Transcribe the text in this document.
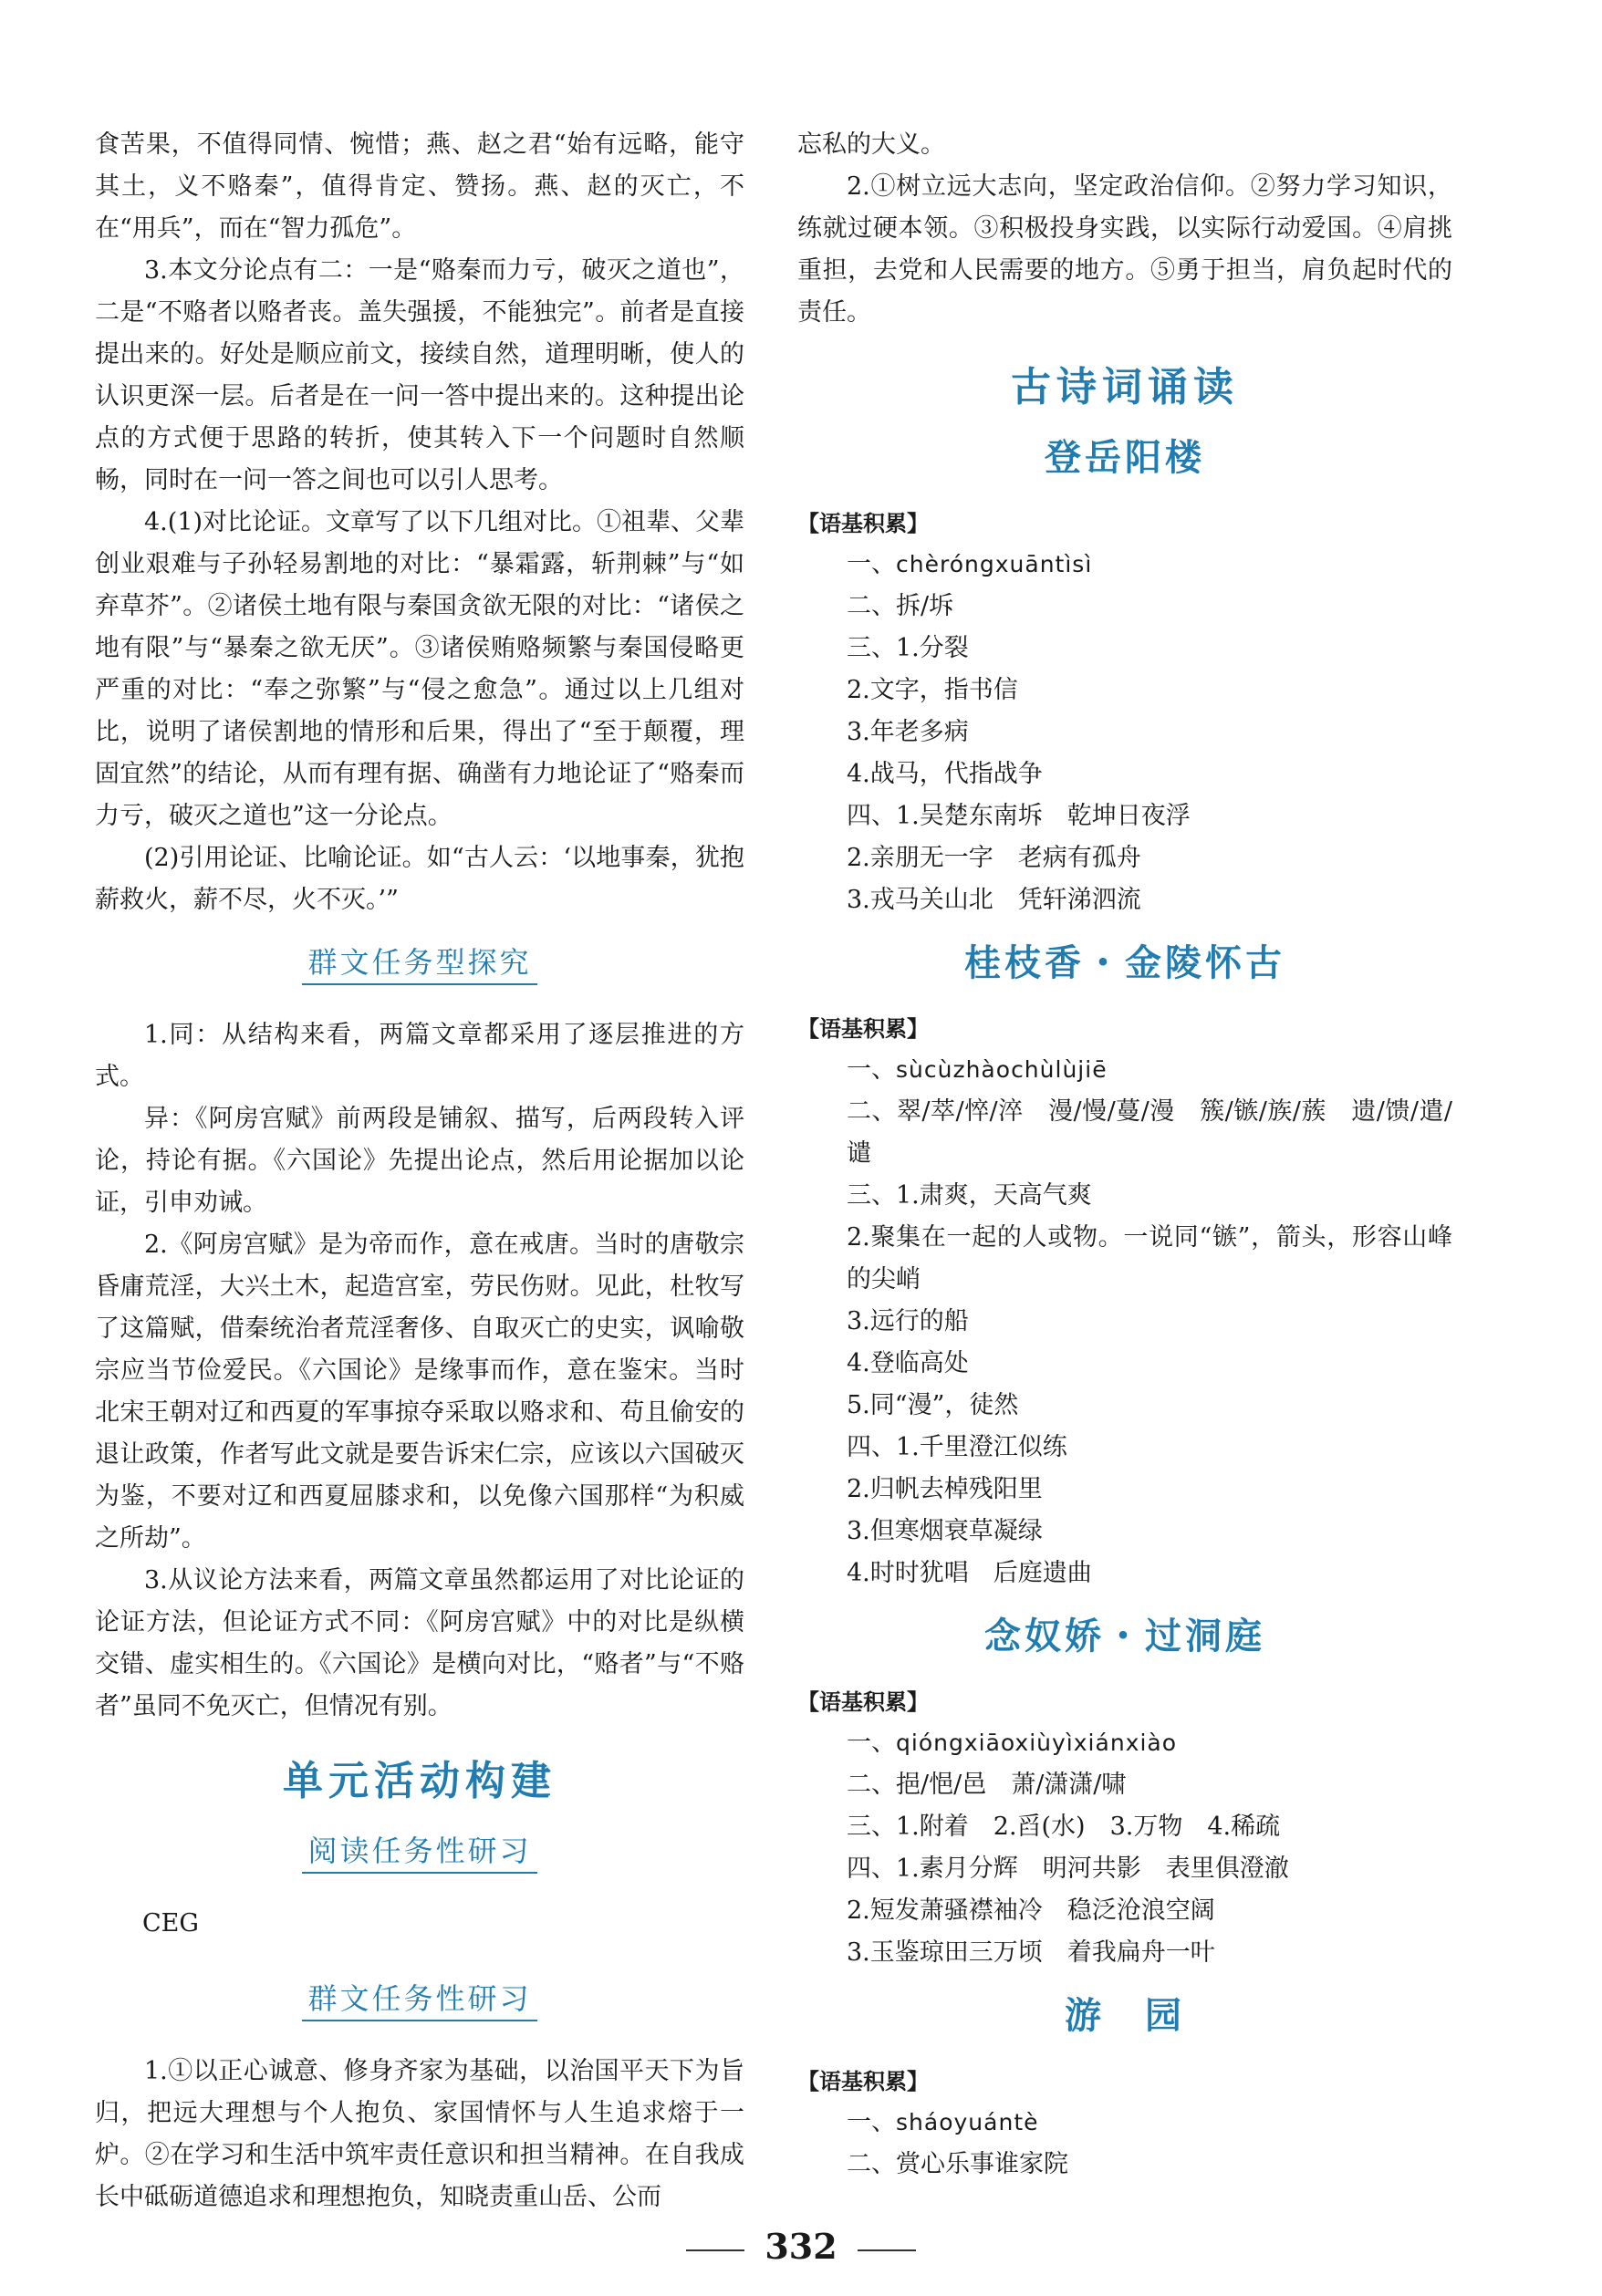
食苦果，不值得同情、惋惜；燕、赵之君“始有远略，能守其土，义不赂秦”，值得肯定、赞扬。燕、赵的灭亡，不在“用兵”，而在“智力孤危”。

3.本文分论点有二：一是“赂秦而力亏，破灭之道也”，二是“不赂者以赂者丧。盖失强援，不能独完”。前者是直接提出来的。好处是顺应前文，接续自然，道理明晰，使人的认识更深一层。后者是在一问一答中提出来的。这种提出论点的方式便于思路的转折，使其转入下一个问题时自然顺畅，同时在一问一答之间也可以引人思考。

4.(1)对比论证。文章写了以下几组对比。①祖辈、父辈创业艰难与子孙轻易割地的对比：“暴霜露，斩荆棘”与“如弃草芥”。②诸侯土地有限与秦国贪欲无限的对比：“诸侯之地有限”与“暴秦之欲无厌”。③诸侯贿赂频繁与秦国侵略更严重的对比：“奉之弥繁”与“侵之愈急”。通过以上几组对比，说明了诸侯割地的情形和后果，得出了“至于颠覆，理固宜然”的结论，从而有理有据、确凿有力地论证了“赂秦而力亏，破灭之道也”这一分论点。

(2)引用论证、比喻论证。如“古人云：‘以地事秦，犹抱薪救火，薪不尽，火不灭。’”

群文任务型探究

1.同：从结构来看，两篇文章都采用了逐层推进的方式。

异：《阿房宫赋》前两段是铺叙、描写，后两段转入评论，持论有据。《六国论》先提出论点，然后用论据加以论证，引申劝诫。

2.《阿房宫赋》是为帝而作，意在戒唐。当时的唐敬宗昏庸荒淫，大兴土木，起造宫室，劳民伤财。见此，杜牧写了这篇赋，借秦统治者荒淫奢侈、自取灭亡的史实，讽喻敬宗应当节俭爱民。《六国论》是缘事而作，意在鉴宋。当时北宋王朝对辽和西夏的军事掠夺采取以赂求和、苟且偷安的退让政策，作者写此文就是要告诉宋仁宗，应该以六国破灭为鉴，不要对辽和西夏屈膝求和，以免像六国那样“为积威之所劫”。

3.从议论方法来看，两篇文章虽然都运用了对比论证的论证方法，但论证方式不同：《阿房宫赋》中的对比是纵横交错、虚实相生的。《六国论》是横向对比，“赂者”与“不赂者”虽同不免灭亡，但情况有别。

单元活动构建
阅读任务性研习
CEG
群文任务性研习

1.①以正心诚意、修身齐家为基础，以治国平天下为旨归，把远大理想与个人抱负、家国情怀与人生追求熔于一炉。②在学习和生活中筑牢责任意识和担当精神。在自我成长中砥砺道德追求和理想抱负，知晓责重山岳、公而

忘私的大义。

2.①树立远大志向，坚定政治信仰。②努力学习知识，练就过硬本领。③积极投身实践，以实际行动爱国。④肩挑重担，去党和人民需要的地方。⑤勇于担当，肩负起时代的责任。

古诗词诵读
登岳阳楼
【语基积累】

一、chèróngxuāntìsì

二、拆/坼

三、1.分裂

2.文字，指书信

3.年老多病

4.战马，代指战争

四、1.吴楚东南坼　乾坤日夜浮

2.亲朋无一字　老病有孤舟

3.戎马关山北　凭轩涕泗流

桂枝香・金陵怀古
【语基积累】

一、sùcùzhàochùlùjiē

二、翠/萃/悴/淬　漫/慢/蔓/漫　簇/镞/族/蔟　遗/馈/遣/谴

三、1.肃爽，天高气爽

2.聚集在一起的人或物。一说同“镞”，箭头，形容山峰的尖峭

3.远行的船

4.登临高处

5.同“漫”，徒然

四、1.千里澄江似练

2.归帆去棹残阳里

3.但寒烟衰草凝绿

4.时时犹唱　后庭遗曲

念奴娇・过洞庭
【语基积累】

一、qióngxiāoxiùyìxiánxiào

二、挹/悒/邑　萧/潇潇/啸

三、1.附着　2.舀(水)　3.万物　4.稀疏

四、1.素月分辉　明河共影　表里俱澄澈

2.短发萧骚襟袖冷　稳泛沧浪空阔

3.玉鉴琼田三万顷　着我扁舟一叶

游　园
【语基积累】

一、sháoyuántè

二、赏心乐事谁家院

332
